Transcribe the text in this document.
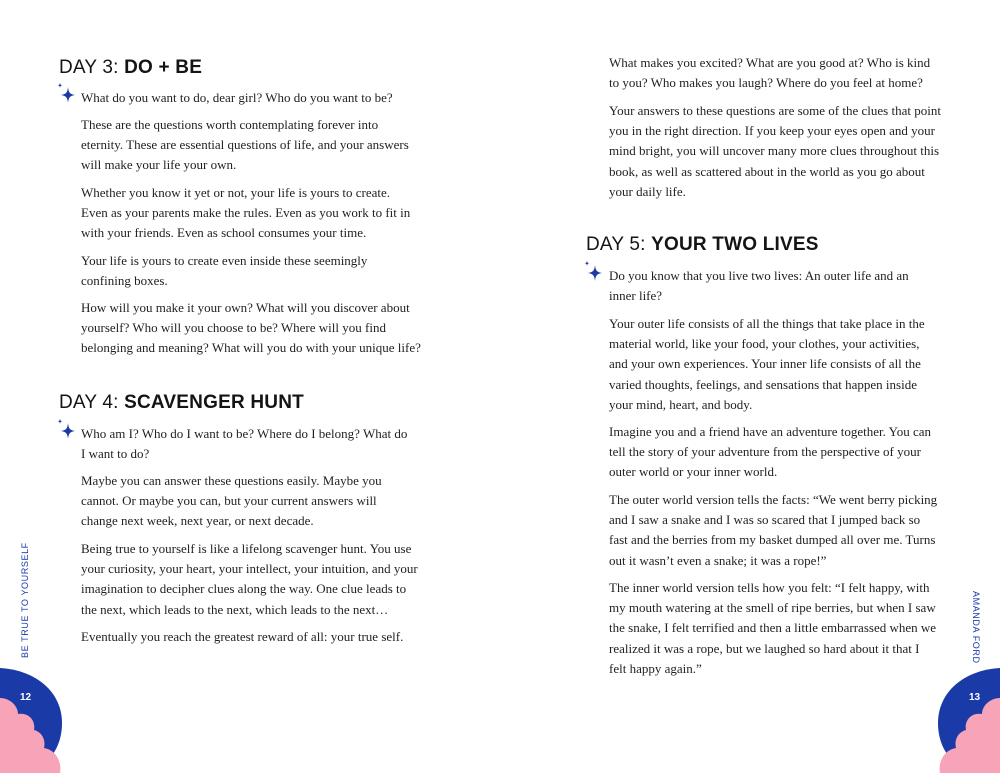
DAY 3: DO + BE
What do you want to do, dear girl? Who do you want to be?
These are the questions worth contemplating forever into eternity. These are essential questions of life, and your answers will make your life your own.
Whether you know it yet or not, your life is yours to create. Even as your parents make the rules. Even as you work to fit in with your friends. Even as school consumes your time.
Your life is yours to create even inside these seemingly confining boxes.
How will you make it your own? What will you discover about yourself? Who will you choose to be? Where will you find belonging and meaning? What will you do with your unique life?
DAY 4: SCAVENGER HUNT
Who am I? Who do I want to be? Where do I belong? What do I want to do?
Maybe you can answer these questions easily. Maybe you cannot. Or maybe you can, but your current answers will change next week, next year, or next decade.
Being true to yourself is like a lifelong scavenger hunt. You use your curiosity, your heart, your intellect, your intuition, and your imagination to decipher clues along the way. One clue leads to the next, which leads to the next, which leads to the next…
Eventually you reach the greatest reward of all: your true self.
BE TRUE TO YOURSELF
12
What makes you excited? What are you good at? Who is kind to you? Who makes you laugh? Where do you feel at home?
Your answers to these questions are some of the clues that point you in the right direction. If you keep your eyes open and your mind bright, you will uncover many more clues throughout this book, as well as scattered about in the world as you go about your daily life.
DAY 5: YOUR TWO LIVES
Do you know that you live two lives: An outer life and an inner life?
Your outer life consists of all the things that take place in the material world, like your food, your clothes, your activities, and your own experiences. Your inner life consists of all the varied thoughts, feelings, and sensations that happen inside your mind, heart, and body.
Imagine you and a friend have an adventure together. You can tell the story of your adventure from the perspective of your outer world or your inner world.
The outer world version tells the facts: “We went berry picking and I saw a snake and I was so scared that I jumped back so fast and the berries from my basket dumped all over me. Turns out it wasn’t even a snake; it was a rope!”
The inner world version tells how you felt: “I felt happy, with my mouth watering at the smell of ripe berries, but when I saw the snake, I felt terrified and then a little embarrassed when we realized it was a rope, but we laughed so hard about it that I felt happy again.”
AMANDA FORD
13
